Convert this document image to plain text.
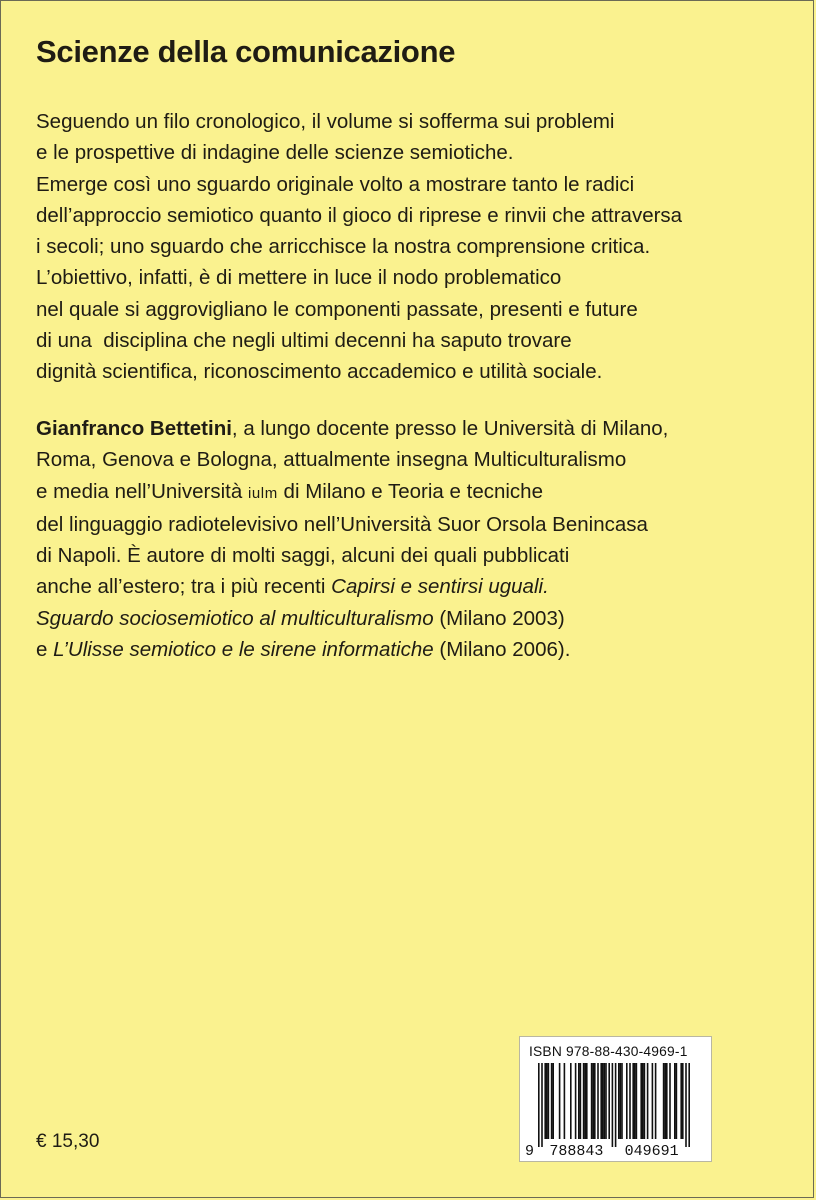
Scienze della comunicazione
Seguendo un filo cronologico, il volume si sofferma sui problemi
e le prospettive di indagine delle scienze semiotiche.
Emerge così uno sguardo originale volto a mostrare tanto le radici
dell’approccio semiotico quanto il gioco di riprese e rinvii che attraversa
i secoli; uno sguardo che arricchisce la nostra comprensione critica.
L’obiettivo, infatti, è di mettere in luce il nodo problematico
nel quale si aggrovigliano le componenti passate, presenti e future
di una  disciplina che negli ultimi decenni ha saputo trovare
dignità scientifica, riconoscimento accademico e utilità sociale.
Gianfranco Bettetini, a lungo docente presso le Università di Milano,
Roma, Genova e Bologna, attualmente insegna Multiculturalismo
e media nell’Università iulm di Milano e Teoria e tecniche
del linguaggio radiotelevisivo nell’Università Suor Orsola Benincasa
di Napoli. È autore di molti saggi, alcuni dei quali pubblicati
anche all’estero; tra i più recenti Capirsi e sentirsi uguali.
Sguardo sociosemiotico al multiculturalismo (Milano 2003)
e L’Ulisse semiotico e le sirene informatiche (Milano 2006).
ISBN 978-88-430-4969-1
9 788843 049691
€ 15,30
